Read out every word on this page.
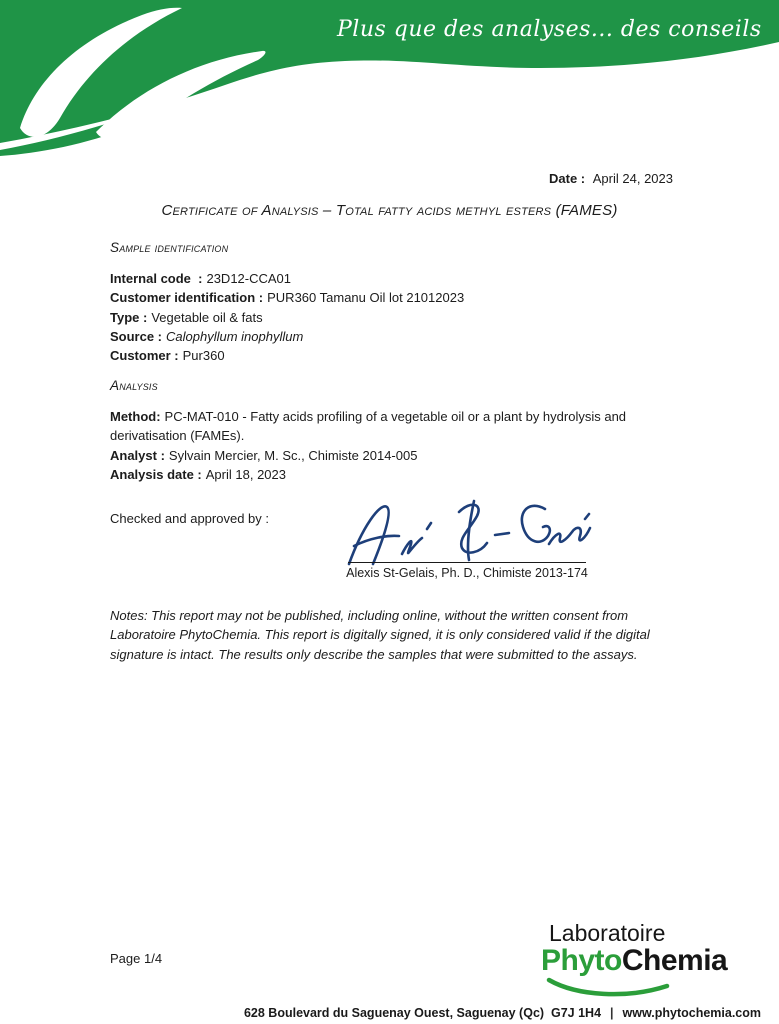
Plus que des analyses... des conseils
Date : April 24, 2023
Certificate of Analysis – Total fatty acids methyl esters (FAMES)
Sample identification
Internal code  : 23D12-CCA01
Customer identification : PUR360 Tamanu Oil lot 21012023
Type : Vegetable oil & fats
Source : Calophyllum inophyllum
Customer : Pur360
Analysis
Method: PC-MAT-010 - Fatty acids profiling of a vegetable oil or a plant by hydrolysis and derivatisation (FAMEs).
Analyst : Sylvain Mercier, M. Sc., Chimiste 2014-005
Analysis date : April 18, 2023
Checked and approved by :
Alexis St-Gelais, Ph. D., Chimiste 2013-174
Notes: This report may not be published, including online, without the written consent from Laboratoire PhytoChemia. This report is digitally signed, it is only considered valid if the digital signature is intact. The results only describe the samples that were submitted to the assays.
Page 1/4
Laboratoire
PhytoChemia

628 Boulevard du Saguenay Ouest, Saguenay (Qc)  G7J 1H4 | www.phytochemia.com
